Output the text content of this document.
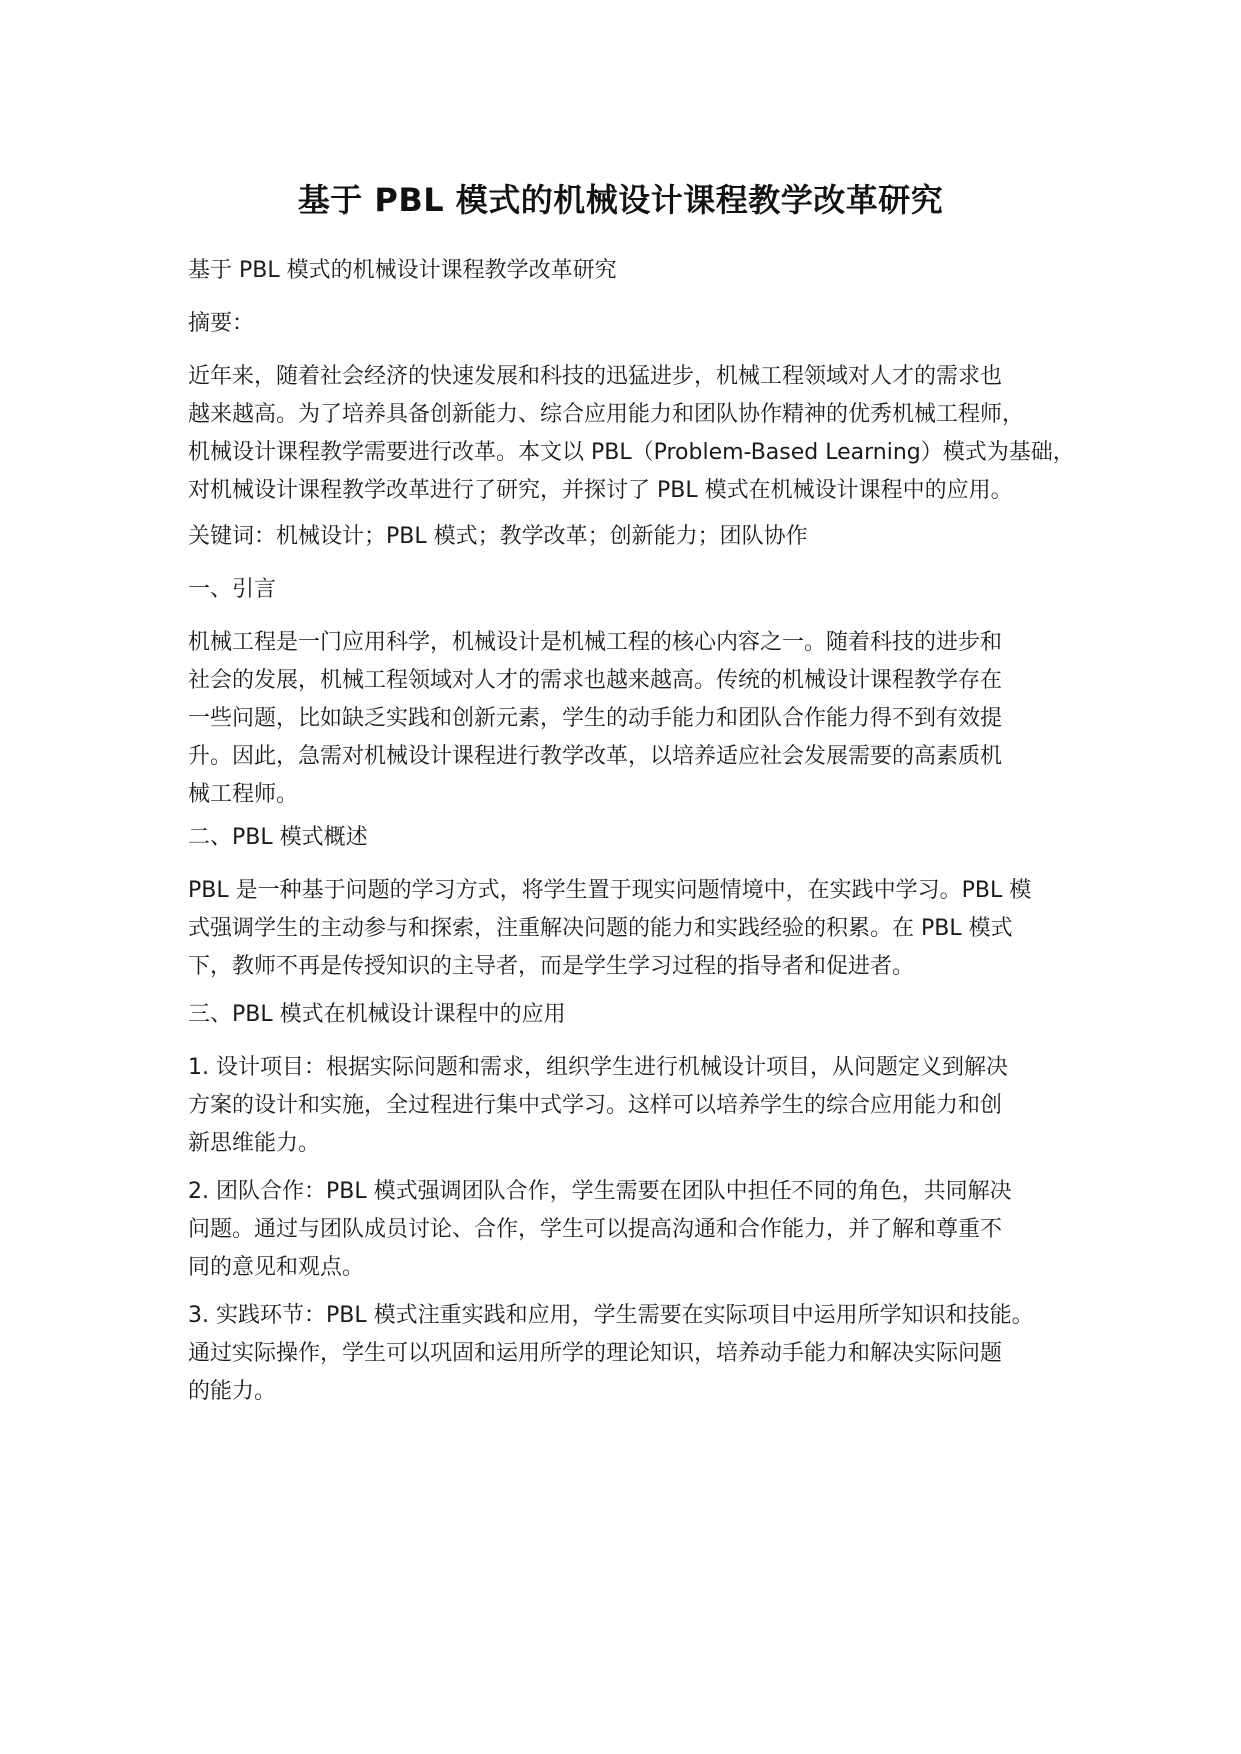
基于 PBL 模式的机械设计课程教学改革研究

基于 PBL 模式的机械设计课程教学改革研究

摘要：

近年来，随着社会经济的快速发展和科技的迅猛进步，机械工程领域对人才的需求也
越来越高。为了培养具备创新能力、综合应用能力和团队协作精神的优秀机械工程师，
机械设计课程教学需要进行改革。本文以 PBL（Problem-Based Learning）模式为基础，
对机械设计课程教学改革进行了研究，并探讨了 PBL 模式在机械设计课程中的应用。

关键词：机械设计；PBL 模式；教学改革；创新能力；团队协作

一、引言

机械工程是一门应用科学，机械设计是机械工程的核心内容之一。随着科技的进步和
社会的发展，机械工程领域对人才的需求也越来越高。传统的机械设计课程教学存在
一些问题，比如缺乏实践和创新元素，学生的动手能力和团队合作能力得不到有效提
升。因此，急需对机械设计课程进行教学改革，以培养适应社会发展需要的高素质机
械工程师。

二、PBL 模式概述

PBL 是一种基于问题的学习方式，将学生置于现实问题情境中，在实践中学习。PBL 模
式强调学生的主动参与和探索，注重解决问题的能力和实践经验的积累。在 PBL 模式
下，教师不再是传授知识的主导者，而是学生学习过程的指导者和促进者。

三、PBL 模式在机械设计课程中的应用

1. 设计项目：根据实际问题和需求，组织学生进行机械设计项目，从问题定义到解决
方案的设计和实施，全过程进行集中式学习。这样可以培养学生的综合应用能力和创
新思维能力。

2. 团队合作：PBL 模式强调团队合作，学生需要在团队中担任不同的角色，共同解决
问题。通过与团队成员讨论、合作，学生可以提高沟通和合作能力，并了解和尊重不
同的意见和观点。

3. 实践环节：PBL 模式注重实践和应用，学生需要在实际项目中运用所学知识和技能。
通过实际操作，学生可以巩固和运用所学的理论知识，培养动手能力和解决实际问题
的能力。
